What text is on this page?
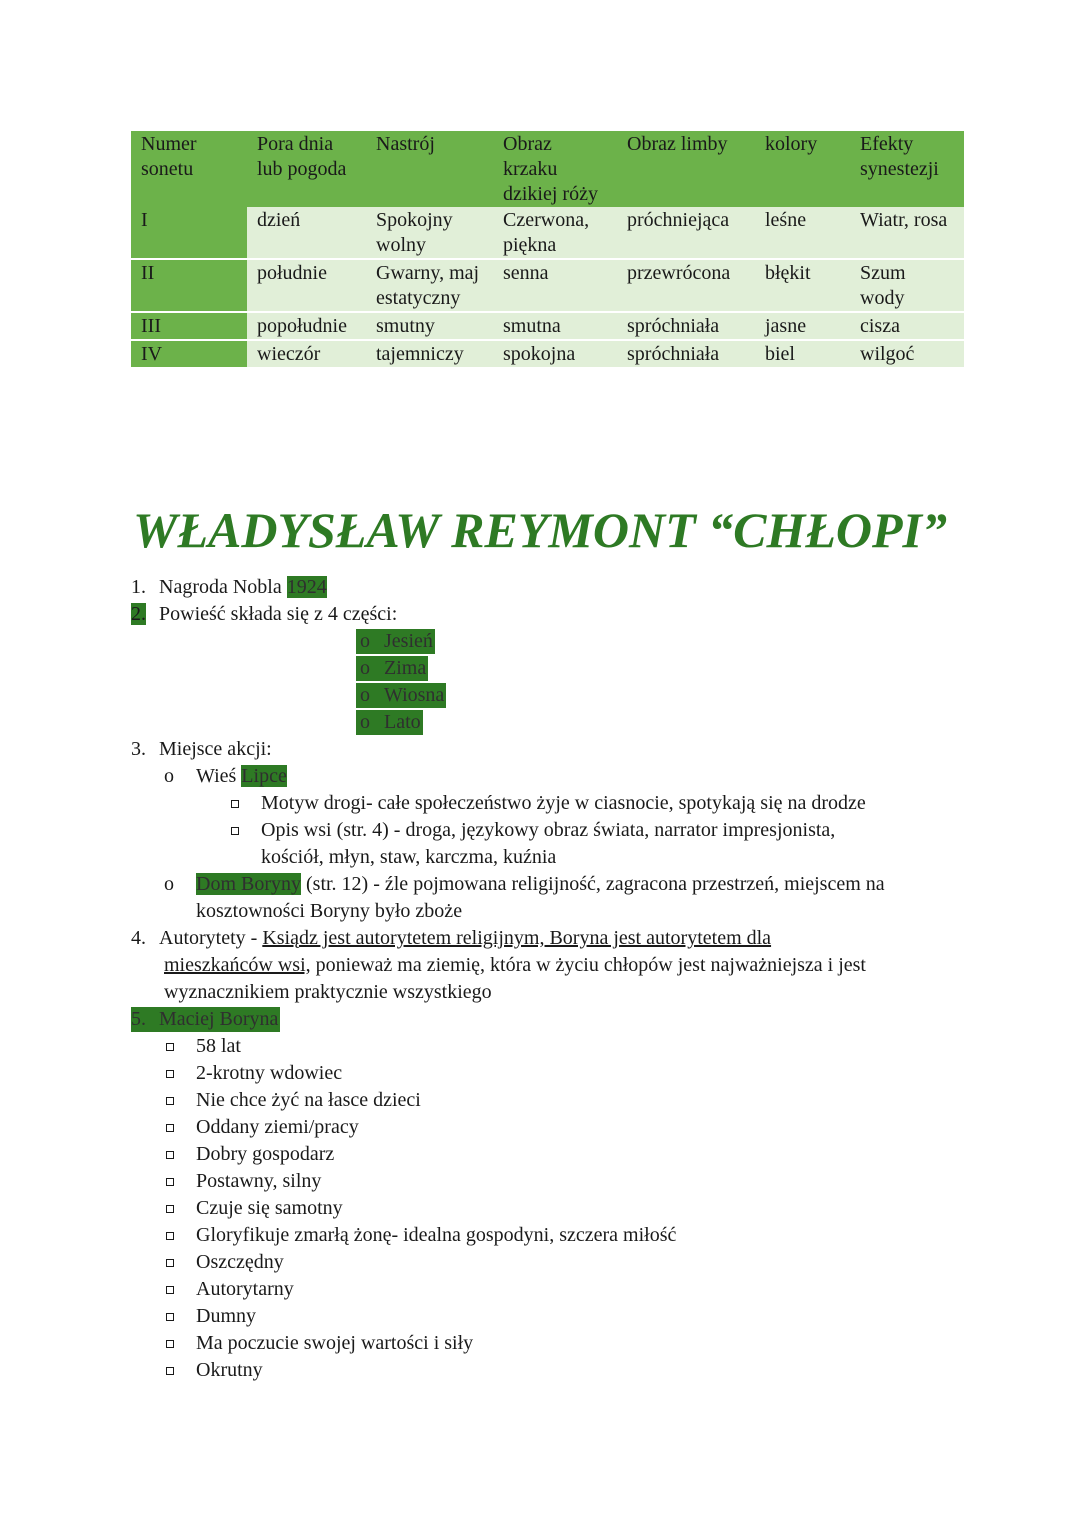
Numer sonetu	Pora dnia lub pogoda	Nastrój	Obraz krzaku dzikiej róży	Obraz limby	kolory	Efekty synestezji
I	dzień	Spokojny wolny	Czerwona, piękna	próchniejąca	leśne	Wiatr, rosa
II	południe	Gwarny, majestatyczny	senna	przewrócona	błękit	Szum wody
III	popołudnie	smutny	smutna	spróchniała	jasne	cisza
IV	wieczór	tajemniczy	spokojna	spróchniała	biel	wilgoć
WŁADYSŁAW REYMONT “CHŁOPI”
1. Nagroda Nobla 1924
2. Powieść składa się z 4 części:
o Jesień
o Zima
o Wiosna
o Lato
3. Miejsce akcji:
o Wieś Lipce
Motyw drogi- całe społeczeństwo żyje w ciasnocie, spotykają się na drodze
Opis wsi (str. 4) - droga, językowy obraz świata, narrator impresjonista,
kościół, młyn, staw, karczma, kuźnia
o Dom Boryny (str. 12) - źle pojmowana religijność, zagracona przestrzeń, miejscem na
kosztowności Boryny było zboże
4. Autorytety - Ksiądz jest autorytetem religijnym, Boryna jest autorytetem dla
mieszkańców wsi, ponieważ ma ziemię, która w życiu chłopów jest najważniejsza i jest
wyznacznikiem praktycznie wszystkiego
5. Maciej Boryna
58 lat
2-krotny wdowiec
Nie chce żyć na łasce dzieci
Oddany ziemi/pracy
Dobry gospodarz
Postawny, silny
Czuje się samotny
Gloryfikuje zmarłą żonę- idealna gospodyni, szczera miłość
Oszczędny
Autorytarny
Dumny
Ma poczucie swojej wartości i siły
Okrutny
